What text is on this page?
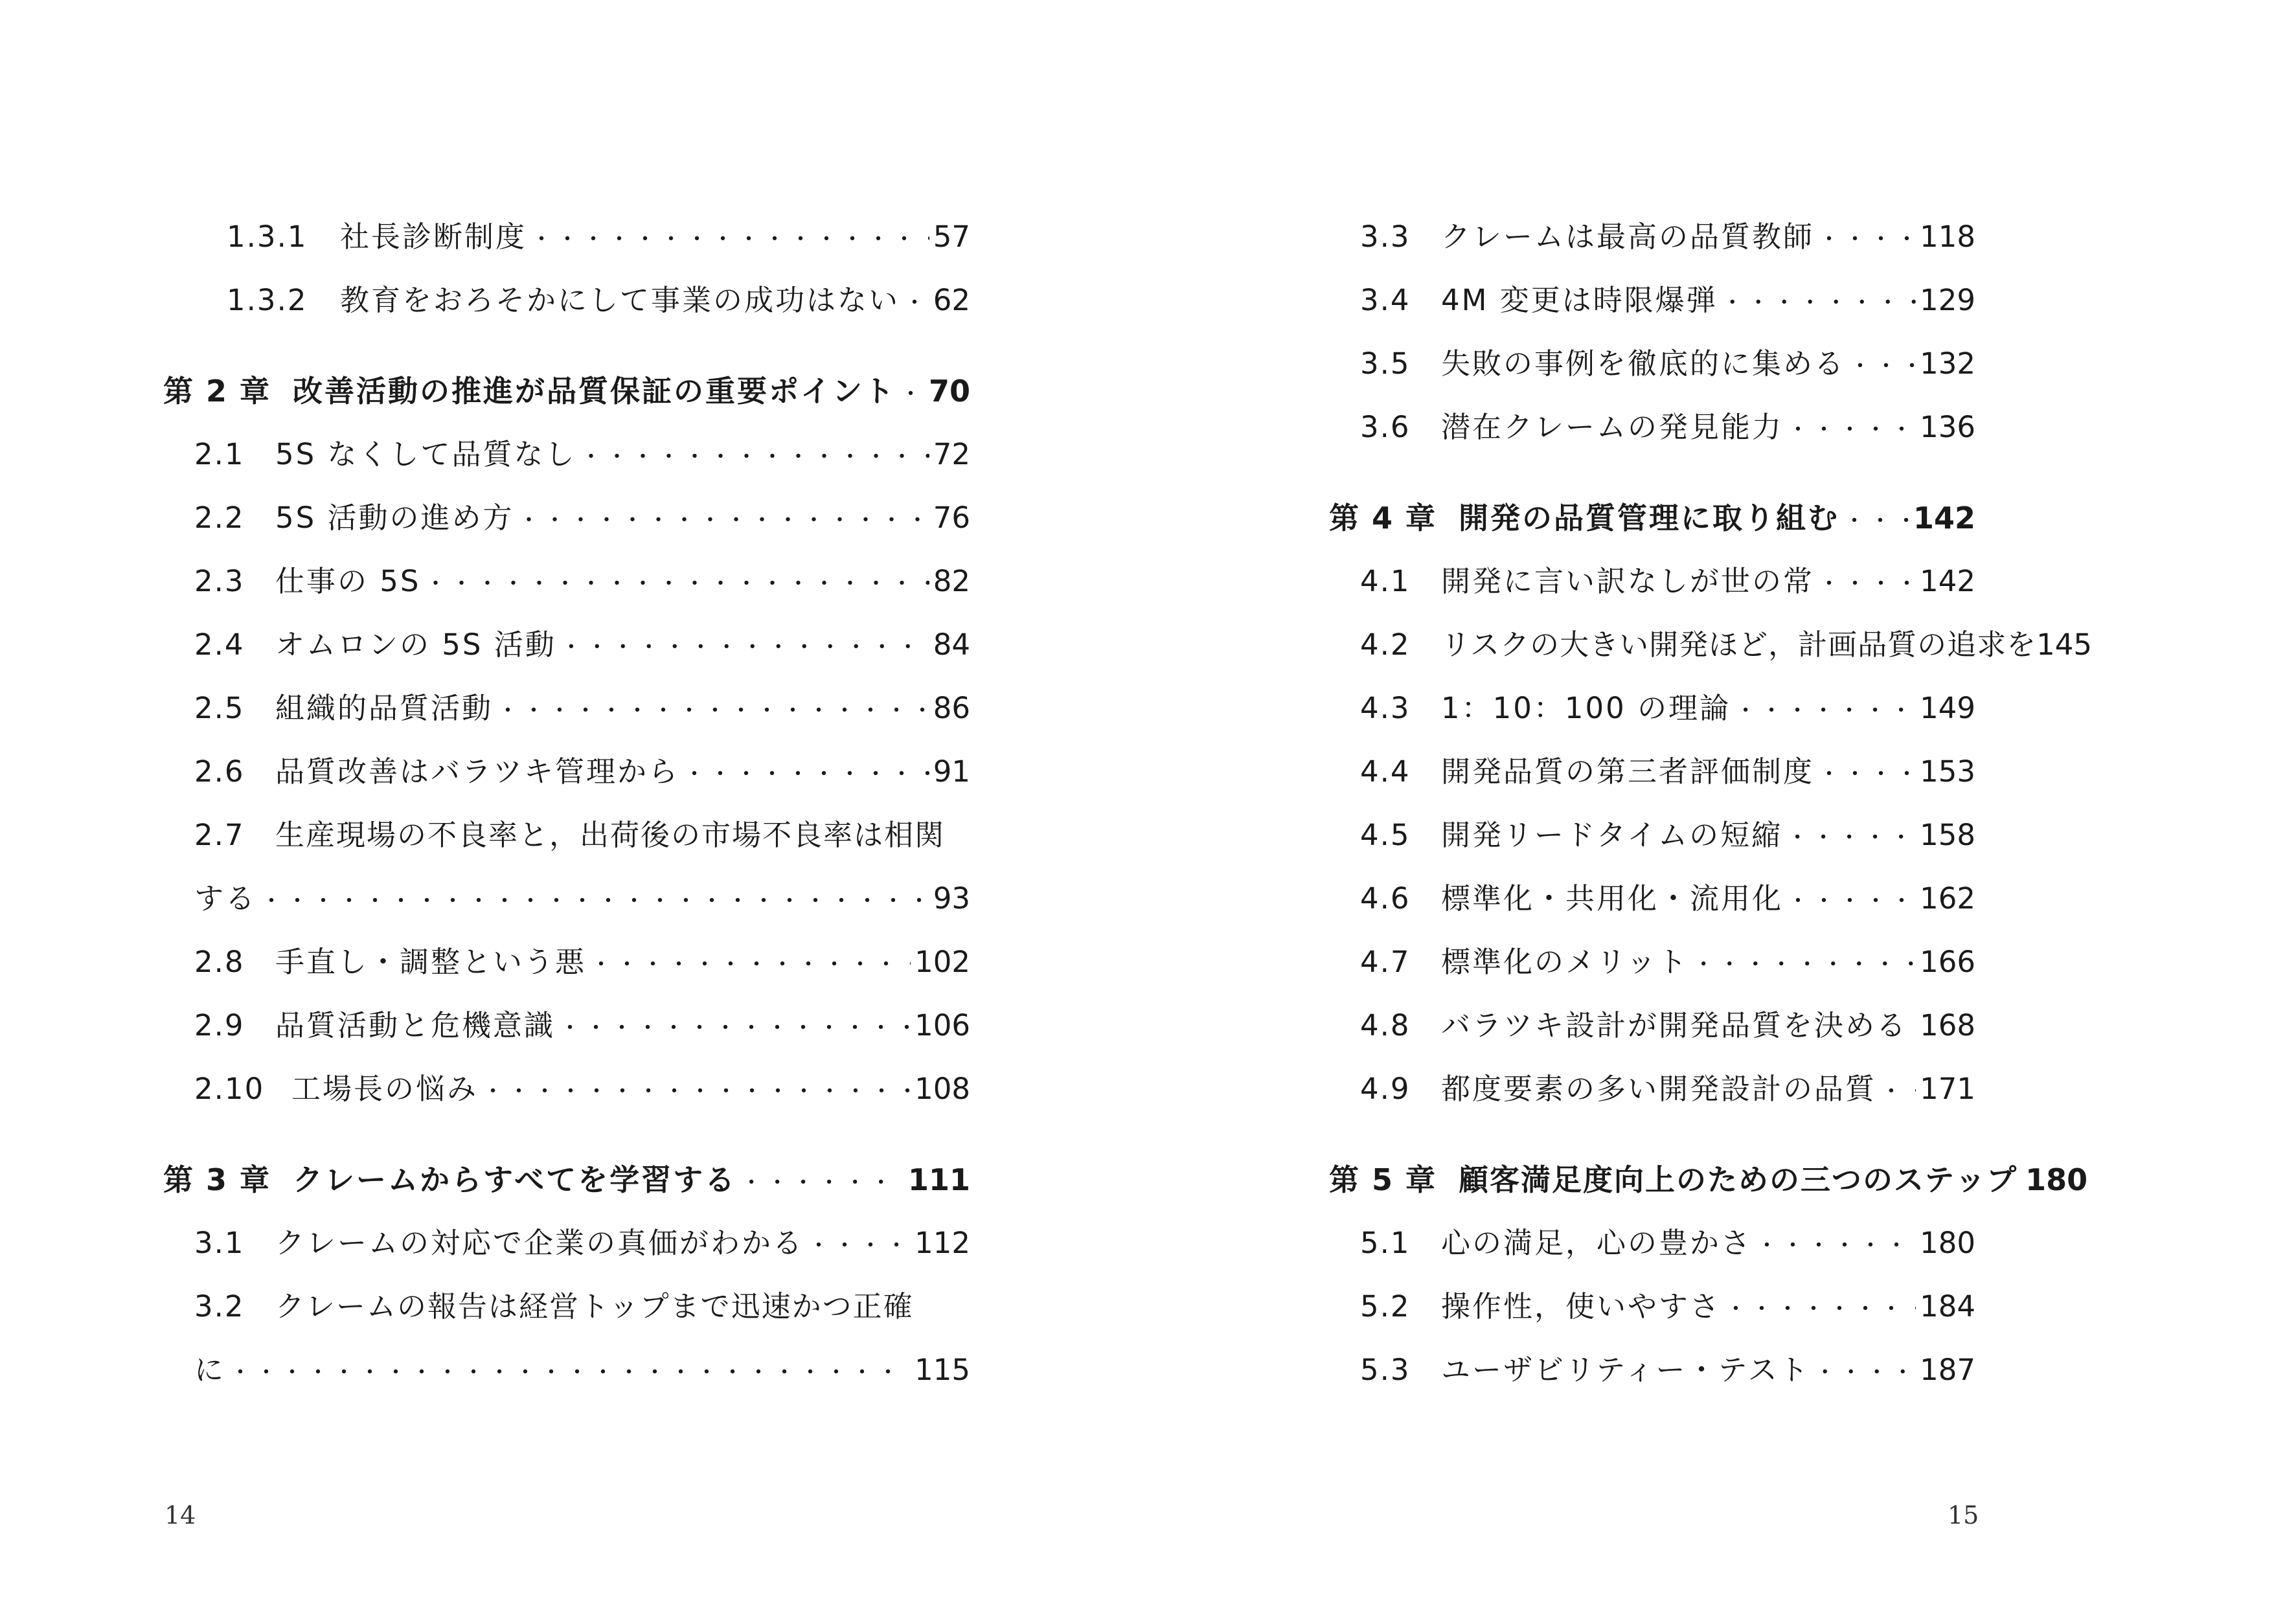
1.3.1	社長診断制度 ・・・・・・・・・・・・・・・・・・・・・・・・・・・・・・・・・・・・・・・・・・・・・・・・・・・・・・・・・・・・・・・・・・・・・・・・・・・・・・・・・・・・・・・・・・・	57
1.3.2	教育をおろそかにして事業の成功はない ・・・・・・・・・・・・・・・・・・・・・・・・・・・・・・・・・・・・・・・・・・・・・・・・・・・・・・・・・・・・・・・・・・・・・・・・・・・・・・・・・・・・・・・・・・・ 62
第 2 章 改善活動の推進が品質保証の重要ポイント ・・・・・・・・・・・・・・・・・・・・・・・・・・・・・・・・・・・・・・・・・・・・・・・・・・・・・・・・・・・・・・・・・・・・・・・・・・・・・・・・・・・・・・・・・・・ 70
2.1	5S なくして品質なし ・・・・・・・・・・・・・・・・・・・・・・・・・・・・・・・・・・・・・・・・・・・・・・・・・・・・・・・・・・・・・・・・・・・・・・・・・・・・・・・・・・・・・・・・・・・	72
2.2	5S 活動の進め方 ・・・・・・・・・・・・・・・・・・・・・・・・・・・・・・・・・・・・・・・・・・・・・・・・・・・・・・・・・・・・・・・・・・・・・・・・・・・・・・・・・・・・・・・・・・・	76
2.3	仕事の 5S ・・・・・・・・・・・・・・・・・・・・・・・・・・・・・・・・・・・・・・・・・・・・・・・・・・・・・・・・・・・・・・・・・・・・・・・・・・・・・・・・・・・・・・・・・・・	82
2.4	オムロンの 5S 活動 ・・・・・・・・・・・・・・・・・・・・・・・・・・・・・・・・・・・・・・・・・・・・・・・・・・・・・・・・・・・・・・・・・・・・・・・・・・・・・・・・・・・・・・・・・・・	84
2.5	組織的品質活動 ・・・・・・・・・・・・・・・・・・・・・・・・・・・・・・・・・・・・・・・・・・・・・・・・・・・・・・・・・・・・・・・・・・・・・・・・・・・・・・・・・・・・・・・・・・・	86
2.6	品質改善はバラツキ管理から ・・・・・・・・・・・・・・・・・・・・・・・・・・・・・・・・・・・・・・・・・・・・・・・・・・・・・・・・・・・・・・・・・・・・・・・・・・・・・・・・・・・・・・・・・・・	91
2.7	生産現場の不良率と，出荷後の市場不良率は相関
する ・・・・・・・・・・・・・・・・・・・・・・・・・・・・・・・・・・・・・・・・・・・・・・・・・・・・・・・・・・・・・・・・・・・・・・・・・・・・・・・・・・・・・・・・・・・	93
2.8	手直し・調整という悪 ・・・・・・・・・・・・・・・・・・・・・・・・・・・・・・・・・・・・・・・・・・・・・・・・・・・・・・・・・・・・・・・・・・・・・・・・・・・・・・・・・・・・・・・・・・・	102
2.9	品質活動と危機意識 ・・・・・・・・・・・・・・・・・・・・・・・・・・・・・・・・・・・・・・・・・・・・・・・・・・・・・・・・・・・・・・・・・・・・・・・・・・・・・・・・・・・・・・・・・・・	106
2.10 工場長の悩み ・・・・・・・・・・・・・・・・・・・・・・・・・・・・・・・・・・・・・・・・・・・・・・・・・・・・・・・・・・・・・・・・・・・・・・・・・・・・・・・・・・・・・・・・・・・	108
第 3 章 クレームからすべてを学習する ・・・・・・・・・・・・・・・・・・・・・・・・・・・・・・・・・・・・・・・・・・・・・・・・・・・・・・・・・・・・・・・・・・・・・・・・・・・・・・・・・・・・・・・・・・・	111
3.1	クレームの対応で企業の真価がわかる ・・・・・・・・・・・・・・・・・・・・・・・・・・・・・・・・・・・・・・・・・・・・・・・・・・・・・・・・・・・・・・・・・・・・・・・・・・・・・・・・・・・・・・・・・・・	112
3.2	クレームの報告は経営トップまで迅速かつ正確
に ・・・・・・・・・・・・・・・・・・・・・・・・・・・・・・・・・・・・・・・・・・・・・・・・・・・・・・・・・・・・・・・・・・・・・・・・・・・・・・・・・・・・・・・・・・・	115
14
3.3	クレームは最高の品質教師 ・・・・・・・・・・・・・・・・・・・・・・・・・・・・・・・・・・・・・・・・・・・・・・・・・・・・・・・・・・・・・・・・・・・・・・・・・・・・・・・・・・・・・・・・・・・	118
3.4	4M 変更は時限爆弾 ・・・・・・・・・・・・・・・・・・・・・・・・・・・・・・・・・・・・・・・・・・・・・・・・・・・・・・・・・・・・・・・・・・・・・・・・・・・・・・・・・・・・・・・・・・・	129
3.5	失敗の事例を徹底的に集める ・・・・・・・・・・・・・・・・・・・・・・・・・・・・・・・・・・・・・・・・・・・・・・・・・・・・・・・・・・・・・・・・・・・・・・・・・・・・・・・・・・・・・・・・・・・	132
3.6	潜在クレームの発見能力 ・・・・・・・・・・・・・・・・・・・・・・・・・・・・・・・・・・・・・・・・・・・・・・・・・・・・・・・・・・・・・・・・・・・・・・・・・・・・・・・・・・・・・・・・・・・	136
第 4 章 開発の品質管理に取り組む ・・・・・・・・・・・・・・・・・・・・・・・・・・・・・・・・・・・・・・・・・・・・・・・・・・・・・・・・・・・・・・・・・・・・・・・・・・・・・・・・・・・・・・・・・・・ 142
4.1	開発に言い訳なしが世の常 ・・・・・・・・・・・・・・・・・・・・・・・・・・・・・・・・・・・・・・・・・・・・・・・・・・・・・・・・・・・・・・・・・・・・・・・・・・・・・・・・・・・・・・・・・・・	142
4.2	リスクの大きい開発ほど，計画品質の追求を 145
4.3	1：10：100 の理論 ・・・・・・・・・・・・・・・・・・・・・・・・・・・・・・・・・・・・・・・・・・・・・・・・・・・・・・・・・・・・・・・・・・・・・・・・・・・・・・・・・・・・・・・・・・・	149
4.4	開発品質の第三者評価制度 ・・・・・・・・・・・・・・・・・・・・・・・・・・・・・・・・・・・・・・・・・・・・・・・・・・・・・・・・・・・・・・・・・・・・・・・・・・・・・・・・・・・・・・・・・・・	153
4.5	開発リードタイムの短縮 ・・・・・・・・・・・・・・・・・・・・・・・・・・・・・・・・・・・・・・・・・・・・・・・・・・・・・・・・・・・・・・・・・・・・・・・・・・・・・・・・・・・・・・・・・・・	158
4.6	標準化・共用化・流用化 ・・・・・・・・・・・・・・・・・・・・・・・・・・・・・・・・・・・・・・・・・・・・・・・・・・・・・・・・・・・・・・・・・・・・・・・・・・・・・・・・・・・・・・・・・・・	162
4.7	標準化のメリット ・・・・・・・・・・・・・・・・・・・・・・・・・・・・・・・・・・・・・・・・・・・・・・・・・・・・・・・・・・・・・・・・・・・・・・・・・・・・・・・・・・・・・・・・・・・	166
4.8	バラツキ設計が開発品質を決める ・・・・・・・・・・・・・・・・・・・・・・・・・・・・・・・・・・・・・・・・・・・・・・・・・・・・・・・・・・・・・・・・・・・・・・・・・・・・・・・・・・・・・・・・・・・ 168
4.9	都度要素の多い開発設計の品質 ・・・・・・・・・・・・・・・・・・・・・・・・・・・・・・・・・・・・・・・・・・・・・・・・・・・・・・・・・・・・・・・・・・・・・・・・・・・・・・・・・・・・・・・・・・・ 171
第 5 章 顧客満足度向上のための三つのステップ 180
5.1	心の満足，心の豊かさ ・・・・・・・・・・・・・・・・・・・・・・・・・・・・・・・・・・・・・・・・・・・・・・・・・・・・・・・・・・・・・・・・・・・・・・・・・・・・・・・・・・・・・・・・・・・	180
5.2	操作性，使いやすさ ・・・・・・・・・・・・・・・・・・・・・・・・・・・・・・・・・・・・・・・・・・・・・・・・・・・・・・・・・・・・・・・・・・・・・・・・・・・・・・・・・・・・・・・・・・・	184
5.3	ユーザビリティー・テスト ・・・・・・・・・・・・・・・・・・・・・・・・・・・・・・・・・・・・・・・・・・・・・・・・・・・・・・・・・・・・・・・・・・・・・・・・・・・・・・・・・・・・・・・・・・・	187
15
